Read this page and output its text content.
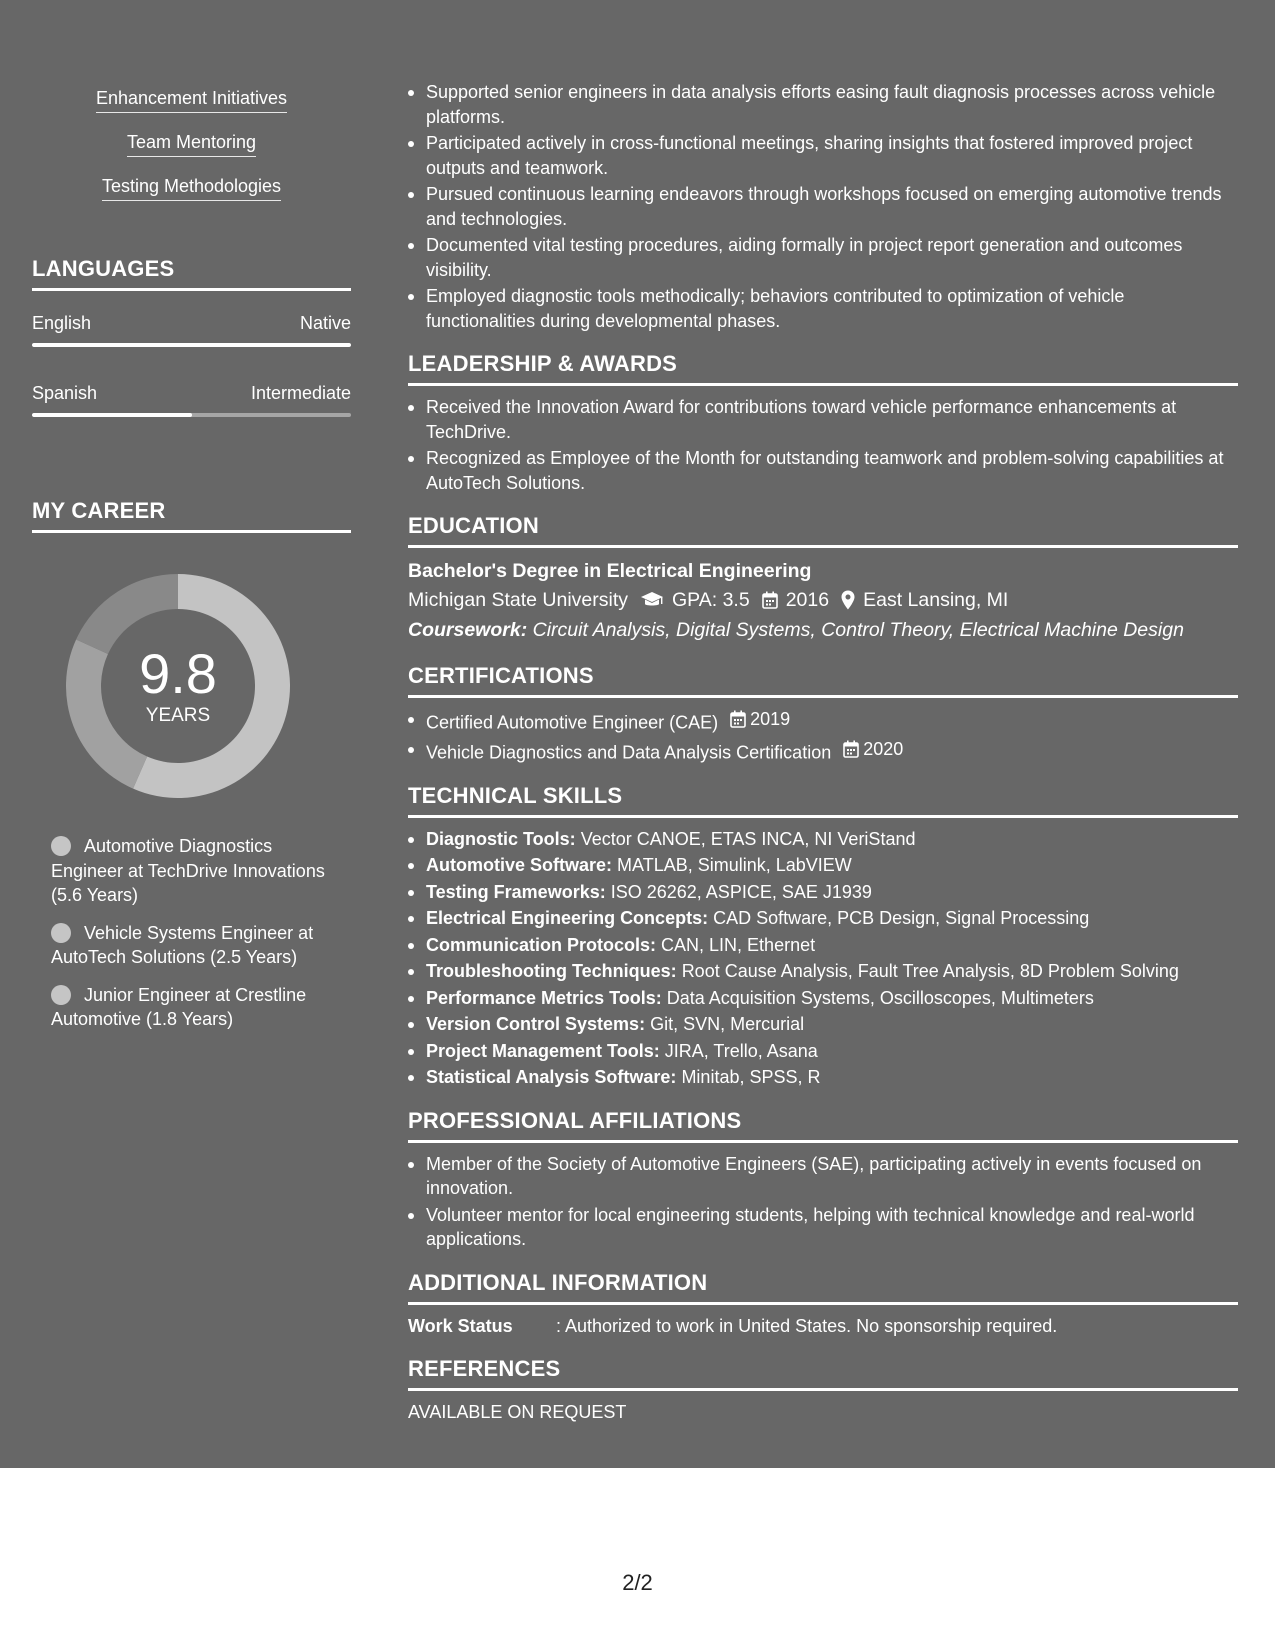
Enhancement Initiatives
Team Mentoring
Testing Methodologies
LANGUAGES
English	Native
Spanish	Intermediate
MY CAREER
9.8
YEARS
Automotive Diagnostics Engineer at TechDrive Innovations (5.6 Years)
Vehicle Systems Engineer at AutoTech Solutions (2.5 Years)
Junior Engineer at Crestline Automotive (1.8 Years)
Supported senior engineers in data analysis efforts easing fault diagnosis processes across vehicle platforms.
Participated actively in cross-functional meetings, sharing insights that fostered improved project outputs and teamwork.
Pursued continuous learning endeavors through workshops focused on emerging automotive trends and technologies.
Documented vital testing procedures, aiding formally in project report generation and outcomes visibility.
Employed diagnostic tools methodically; behaviors contributed to optimization of vehicle functionalities during developmental phases.
LEADERSHIP & AWARDS
Received the Innovation Award for contributions toward vehicle performance enhancements at TechDrive.
Recognized as Employee of the Month for outstanding teamwork and problem-solving capabilities at AutoTech Solutions.
EDUCATION
Bachelor's Degree in Electrical Engineering
Michigan State University GPA: 3.5 2016 East Lansing, MI
Coursework: Circuit Analysis, Digital Systems, Control Theory, Electrical Machine Design
CERTIFICATIONS
Certified Automotive Engineer (CAE) 2019
Vehicle Diagnostics and Data Analysis Certification 2020
TECHNICAL SKILLS
Diagnostic Tools: Vector CANOE, ETAS INCA, NI VeriStand
Automotive Software: MATLAB, Simulink, LabVIEW
Testing Frameworks: ISO 26262, ASPICE, SAE J1939
Electrical Engineering Concepts: CAD Software, PCB Design, Signal Processing
Communication Protocols: CAN, LIN, Ethernet
Troubleshooting Techniques: Root Cause Analysis, Fault Tree Analysis, 8D Problem Solving
Performance Metrics Tools: Data Acquisition Systems, Oscilloscopes, Multimeters
Version Control Systems: Git, SVN, Mercurial
Project Management Tools: JIRA, Trello, Asana
Statistical Analysis Software: Minitab, SPSS, R
PROFESSIONAL AFFILIATIONS
Member of the Society of Automotive Engineers (SAE), participating actively in events focused on innovation.
Volunteer mentor for local engineering students, helping with technical knowledge and real-world applications.
ADDITIONAL INFORMATION
Work Status	: Authorized to work in United States. No sponsorship required.
REFERENCES
AVAILABLE ON REQUEST
2/2
